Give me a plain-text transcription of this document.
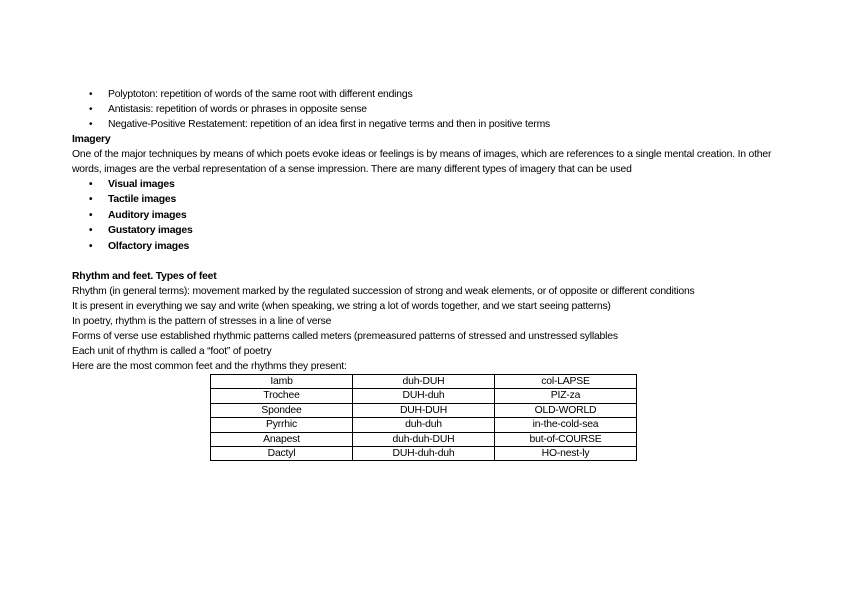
• Polyptoton: repetition of words of the same root with different endings
• Antistasis: repetition of words or phrases in opposite sense
• Negative-Positive Restatement: repetition of an idea first in negative terms and then in positive terms
Imagery
One of the major techniques by means of which poets evoke ideas or feelings is by means of images, which are references to a single mental creation. In other words, images are the verbal representation of a sense impression. There are many different types of imagery that can be used
• Visual images
• Tactile images
• Auditory images
• Gustatory images
• Olfactory images
Rhythm and feet. Types of feet
Rhythm (in general terms): movement marked by the regulated succession of strong and weak elements, or of opposite or different conditions
It is present in everything we say and write (when speaking, we string a lot of words together, and we start seeing patterns)
In poetry, rhythm is the pattern of stresses in a line of verse
Forms of verse use established rhythmic patterns called meters (premeasured patterns of stressed and unstressed syllables
Each unit of rhythm is called a “foot” of poetry
Here are the most common feet and the rhythms they present:
Iamb	duh-DUH	col-LAPSE
Trochee	DUH-duh	PIZ-za
Spondee	DUH-DUH	OLD-WORLD
Pyrrhic	duh-duh	in-the-cold-sea
Anapest	duh-duh-DUH	but-of-COURSE
Dactyl	DUH-duh-duh	HO-nest-ly
